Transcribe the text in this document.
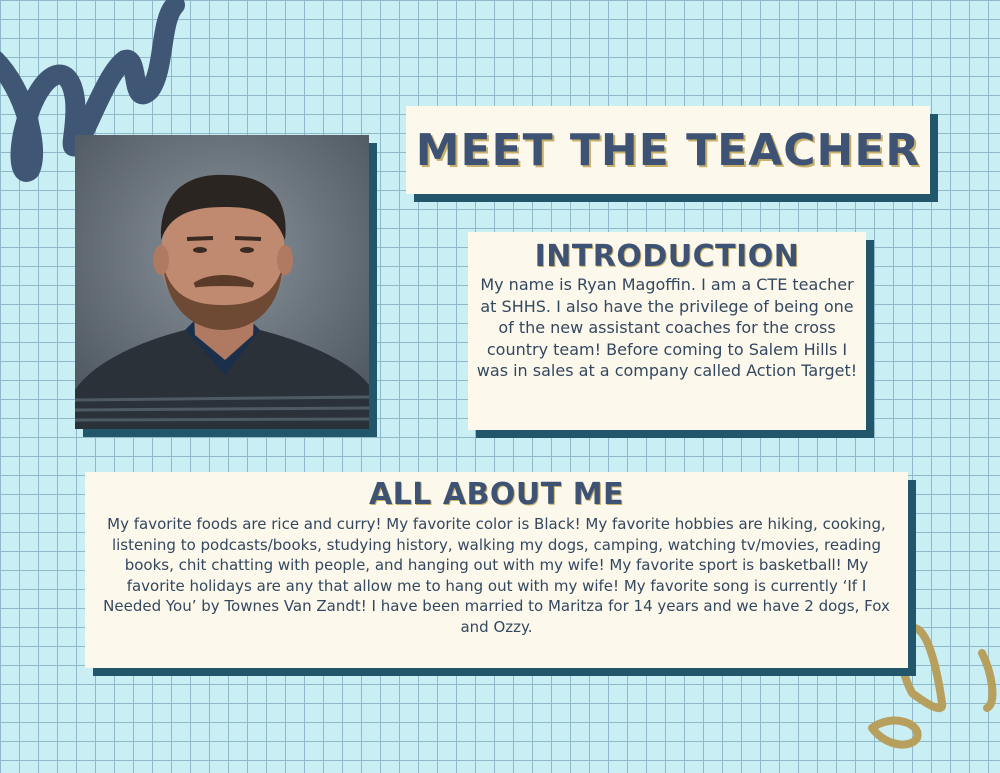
MEET THE TEACHER
INTRODUCTION
My name is Ryan Magoffin. I am a CTE teacher at SHHS. I also have the privilege of being one of the new assistant coaches for the cross country team! Before coming to Salem Hills I was in sales at a company called Action Target!
ALL ABOUT ME
My favorite foods are rice and curry! My favorite color is Black! My favorite hobbies are hiking, cooking, listening to podcasts/books, studying history, walking my dogs, camping, watching tv/movies, reading books, chit chatting with people, and hanging out with my wife! My favorite sport is basketball! My favorite holidays are any that allow me to hang out with my wife! My favorite song is currently ‘If I Needed You’ by Townes Van Zandt! I have been married to Maritza for 14 years and we have 2 dogs, Fox and Ozzy.
